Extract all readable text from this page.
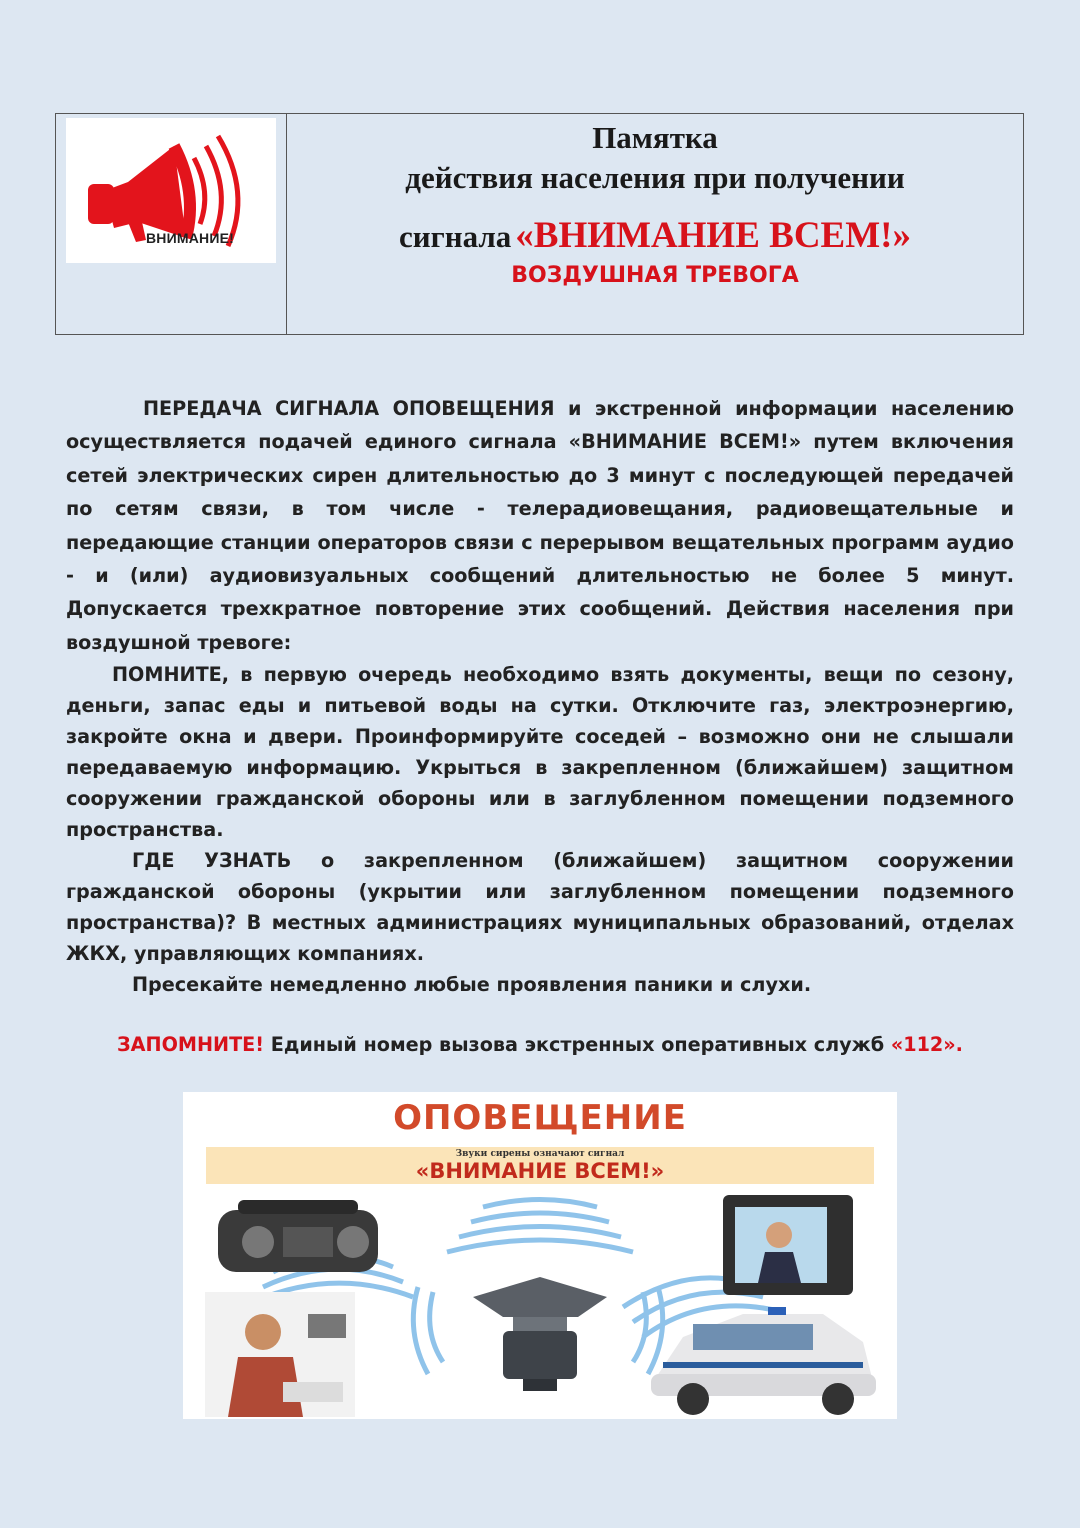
ВНИМАНИЕ!
Памятка
действия населения при получении
сигнала «ВНИМАНИЕ ВСЕМ!»
ВОЗДУШНАЯ ТРЕВОГА

ПЕРЕДАЧА СИГНАЛА ОПОВЕЩЕНИЯ и экстренной информации населению осуществляется подачей единого сигнала «ВНИМАНИЕ ВСЕМ!» путем включения сетей электрических сирен длительностью до 3 минут с последующей передачей по сетям связи, в том числе - телерадиовещания, радиовещательные и передающие станции операторов связи с перерывом вещательных программ аудио - и (или) аудиовизуальных сообщений длительностью не более 5 минут. Допускается трехкратное повторение этих сообщений. Действия населения при воздушной тревоге:

ПОМНИТЕ, в первую очередь необходимо взять документы, вещи по сезону, деньги, запас еды и питьевой воды на сутки. Отключите газ, электроэнергию, закройте окна и двери. Проинформируйте соседей – возможно они не слышали передаваемую информацию. Укрыться в закрепленном (ближайшем) защитном сооружении гражданской обороны или в заглубленном помещении подземного пространства.

ГДЕ УЗНАТЬ о закрепленном (ближайшем) защитном сооружении гражданской обороны (укрытии или заглубленном помещении подземного пространства)? В местных администрациях муниципальных образований, отделах ЖКХ, управляющих компаниях.

Пресекайте немедленно любые проявления паники и слухи.

ЗАПОМНИТЕ! Единый номер вызова экстренных оперативных служб «112».
ОПОВЕЩЕНИЕ
Звуки сирены означают сигнал
«ВНИМАНИЕ ВСЕМ!»
